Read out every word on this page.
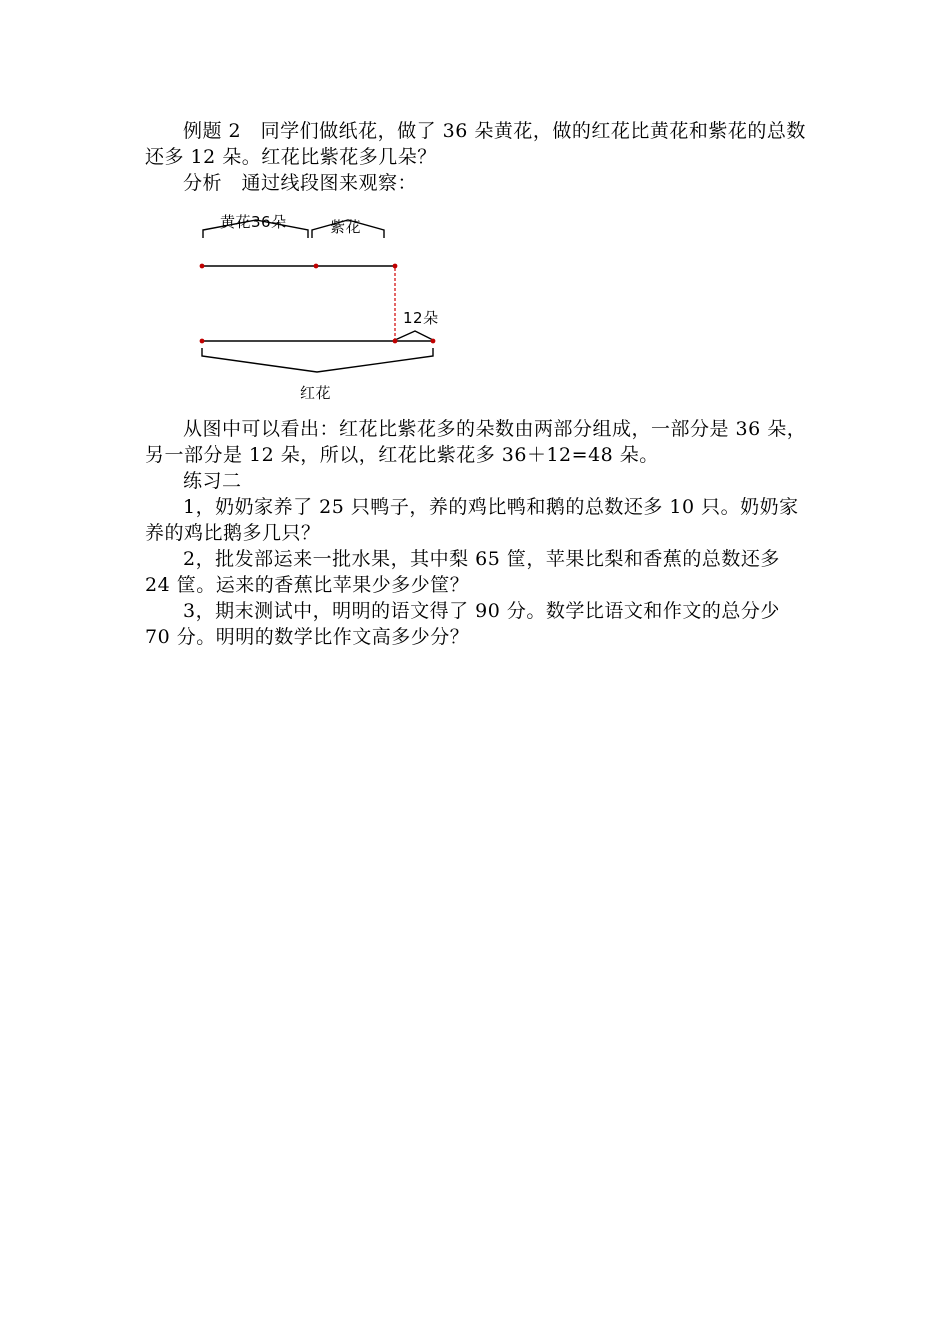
例题 2　同学们做纸花，做了 36 朵黄花，做的红花比黄花和紫花的总数还多 12 朵。红花比紫花多几朵？

分析　通过线段图来观察：

黄花36朵	紫花
12朵
红花

从图中可以看出：红花比紫花多的朵数由两部分组成，一部分是 36 朵，另一部分是 12 朵，所以，红花比紫花多 36＋12=48 朵。

练习二

1，奶奶家养了 25 只鸭子，养的鸡比鸭和鹅的总数还多 10 只。奶奶家养的鸡比鹅多几只？

2，批发部运来一批水果，其中梨 65 筐，苹果比梨和香蕉的总数还多 24 筐。运来的香蕉比苹果少多少筐？

3，期末测试中，明明的语文得了 90 分。数学比语文和作文的总分少 70 分。明明的数学比作文高多少分？
